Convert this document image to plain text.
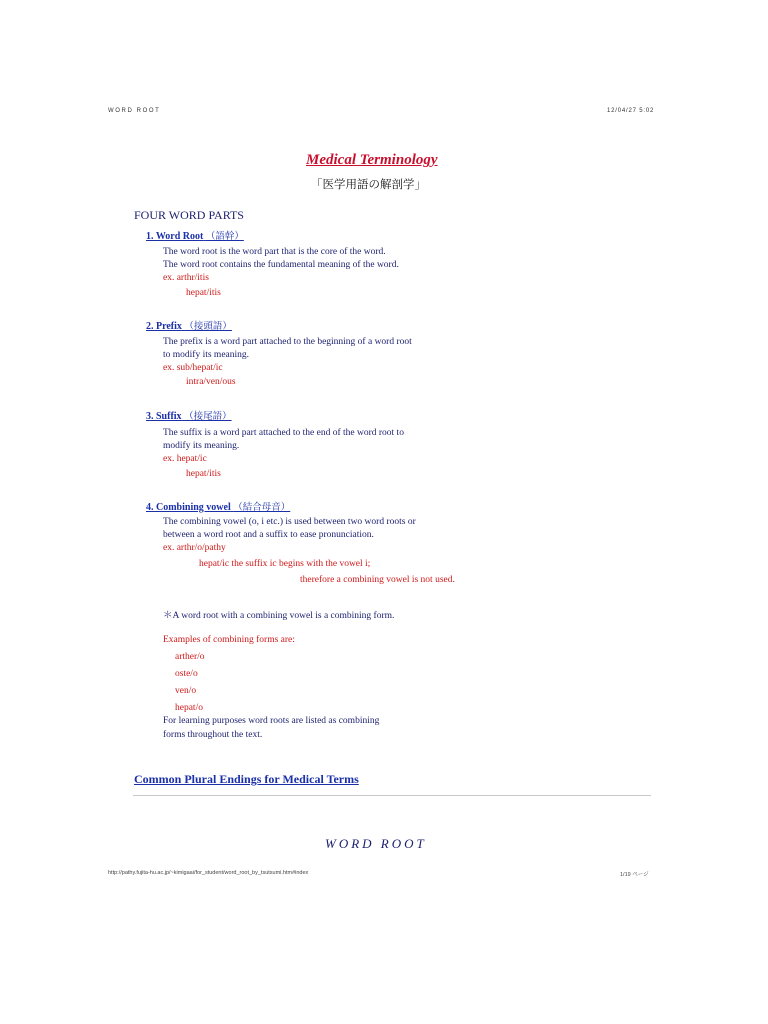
WORD ROOT	12/04/27 5:02
Medical Terminology
「医学用語の解剖学」
FOUR WORD PARTS
1. Word Root （語幹）
The word root is the word part that is the core of the word.
The word root contains the fundamental meaning of the word.
ex. arthr/itis
hepat/itis
2. Prefix （接頭語）
The prefix is a word part attached to the beginning of a word root
to modify its meaning.
ex. sub/hepat/ic
intra/ven/ous
3. Suffix （接尾語）
The suffix is a word part attached to the end of the word root to
modify its meaning.
ex. hepat/ic
hepat/itis
4. Combining vowel （結合母音）
The combining vowel (o, i etc.) is used between two word roots or
between a word root and a suffix to ease pronunciation.
ex. arthr/o/pathy
hepat/ic the suffix ic begins with the vowel i;
therefore a combining vowel is not used.
＊A word root with a combining vowel is a combining form.
Examples of combining forms are:
arther/o
oste/o
ven/o
hepat/o
For learning purposes word roots are listed as combining
forms throughout the text.
Common Plural Endings for Medical Terms
WORD ROOT
http://pathy.fujita-hu.ac.jp/~kimigaai/for_student/word_root_by_tsutsumi.htm#index	1/19 ページ
